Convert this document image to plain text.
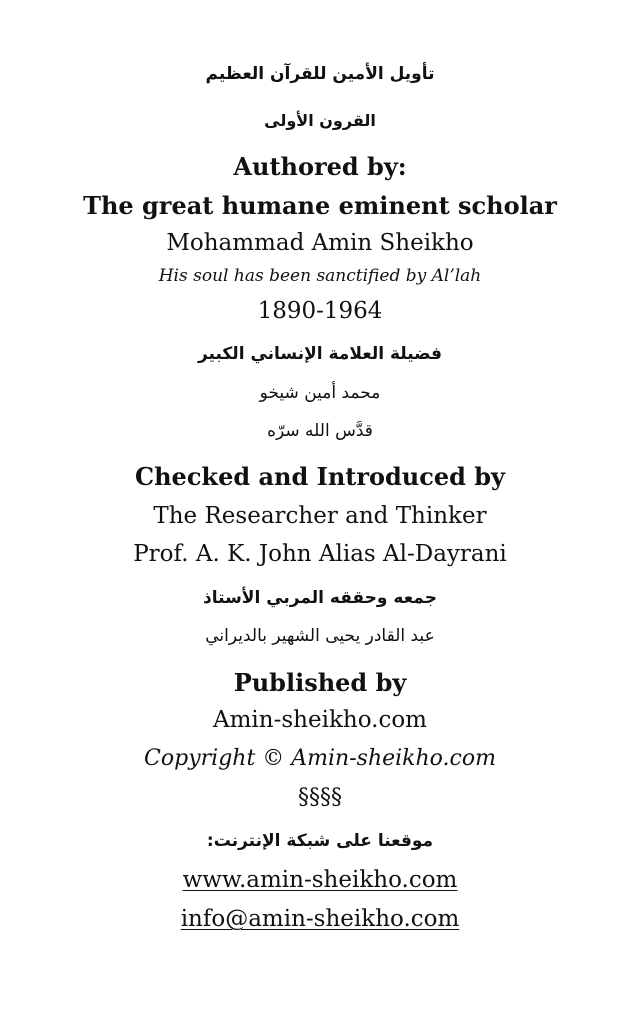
تأويل الأمين للقرآن العظيم
القرون الأولى
Authored by:
The great humane eminent scholar
Mohammad Amin Sheikho
His soul has been sanctified by Al’lah
1890-1964
فضيلة العلامة الإنساني الكبير
محمد أمين شيخو
قدَّس الله سرّه
Checked and Introduced by
The Researcher and Thinker
Prof. A. K. John Alias Al-Dayrani
جمعه وحققه المربي الأستاذ
عبد القادر يحيى الشهير بالديراني
Published by
Amin-sheikho.com
Copyright © Amin-sheikho.com
§§§§
موقعنا على شبكة الإنترنت:
www.amin-sheikho.com
info@amin-sheikho.com
